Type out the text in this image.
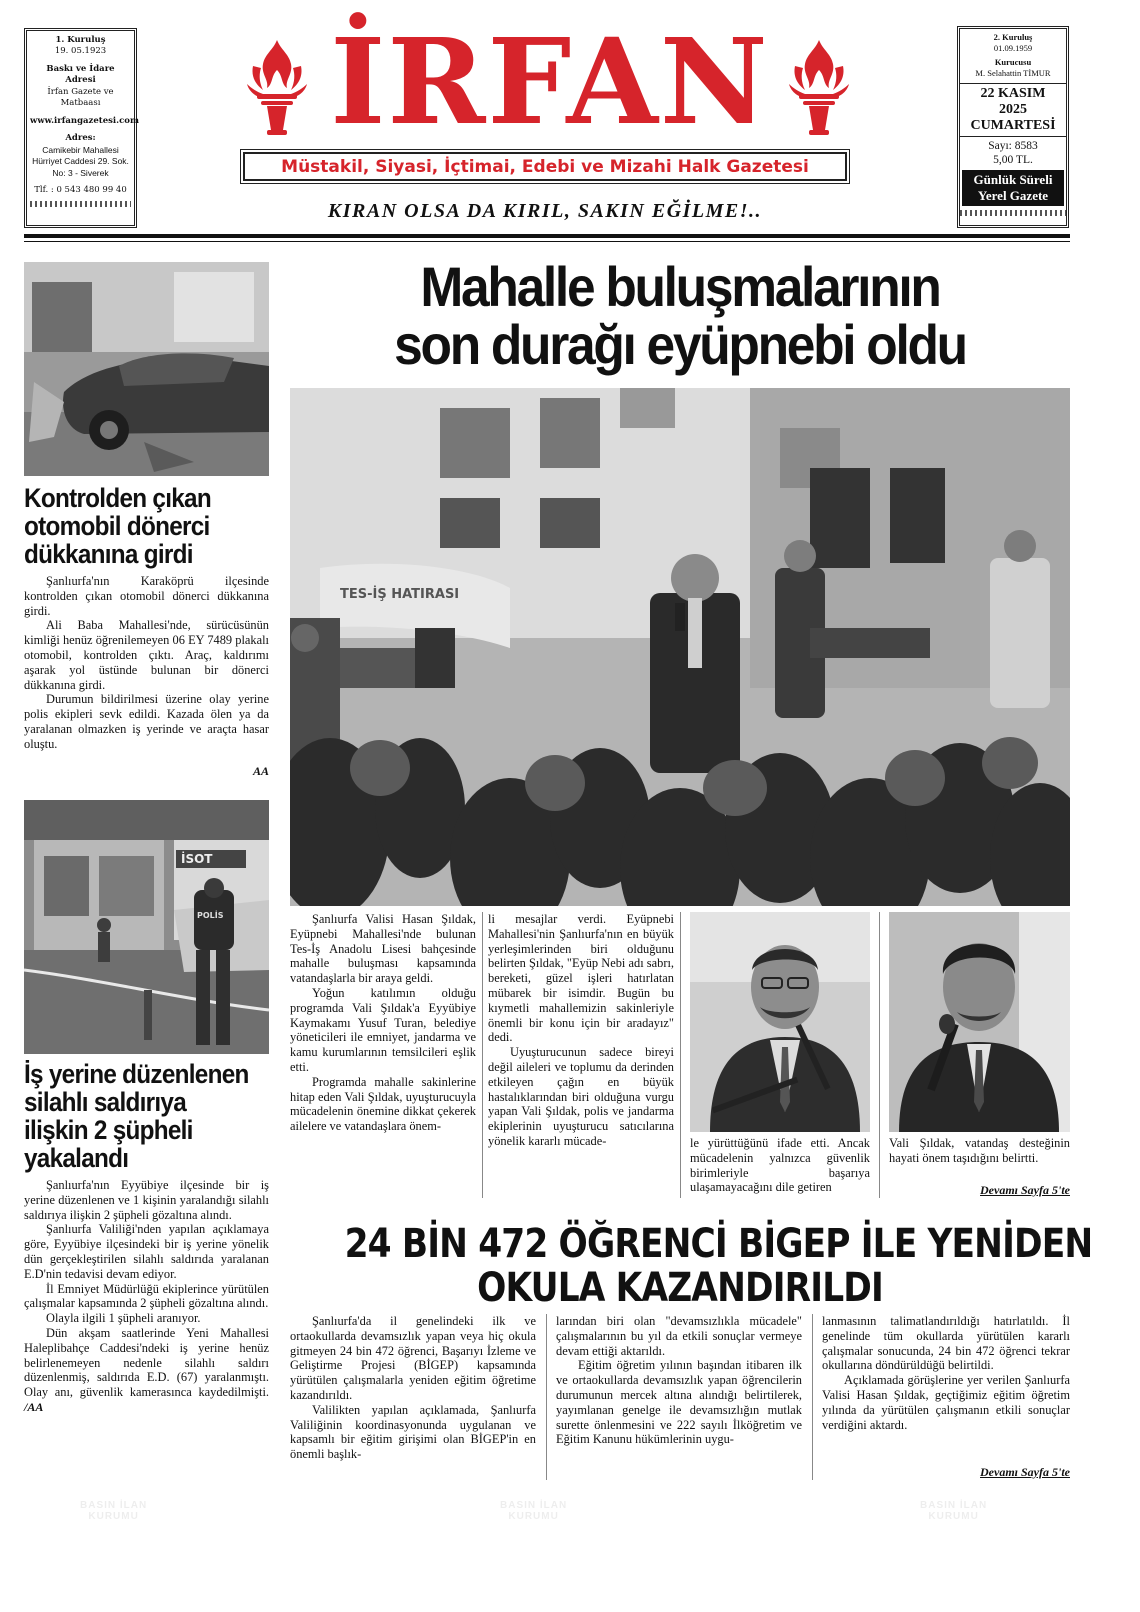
1. Kuruluş
19. 05.1923
Baskı ve İdare Adresi
İrfan Gazete ve Matbaası
www.irfangazetesi.com
Adres:
Camikebir Mahallesi
Hürriyet Caddesi 29. Sok.
No: 3 - Siverek
Tlf. : 0 543 480 99 40
İRFAN
Müstakil, Siyasi, İçtimai, Edebi ve Mizahi Halk Gazetesi
KIRAN OLSA DA KIRIL, SAKIN EĞİLME!..
2. Kuruluş
01.09.1959
Kurucusu
M. Selahattin TİMUR
22 KASIM
2025
CUMARTESİ
Sayı: 8583
5,00 TL.
Günlük Süreli
Yerel Gazete
Kontrolden çıkan
otomobil dönerci
dükkanına girdi

Şanlıurfa'nın Karaköprü ilçesinde kontrolden çıkan otomobil dönerci dükkanına girdi.

Ali Baba Mahallesi'nde, sürücüsünün kimliği henüz öğrenilemeyen 06 EY 7489 plakalı otomobil, kontrolden çıktı. Araç, kaldırımı aşarak yol üstünde bulunan bir dönerci dükkanına girdi.

Durumun bildirilmesi üzerine olay yerine polis ekipleri sevk edildi. Kazada ölen ya da yaralanan olmazken iş yerinde ve araçta hasar oluştu.

AA
İSOT
POLİS
İş yerine düzenlenen
silahlı saldırıya
ilişkin 2 şüpheli
yakalandı

Şanlıurfa'nın Eyyübiye ilçesinde bir iş yerine düzenlenen ve 1 kişinin yaralandığı silahlı saldırıya ilişkin 2 şüpheli gözaltına alındı.

Şanlıurfa Valiliği'nden yapılan açıklamaya göre, Eyyübiye ilçesindeki bir iş yerine yönelik dün gerçekleştirilen silahlı saldırıda yaralanan E.D'nin tedavisi devam ediyor.

İl Emniyet Müdürlüğü ekiplerince yürütülen çalışmalar kapsamında 2 şüpheli gözaltına alındı.

Olayla ilgili 1 şüpheli aranıyor.

Dün akşam saatlerinde Yeni Mahallesi Haleplibahçe Caddesi'ndeki iş yerine henüz belirlenemeyen nedenle silahlı saldırı düzenlenmiş, saldırıda E.D. (67) yaralanmıştı. Olay anı, güvenlik kamerasınca kaydedilmişti. /AA

Mahalle buluşmalarının
son durağı eyüpnebi oldu
TES-İŞ HATIRASI

Şanlıurfa Valisi Hasan Şıldak, Eyüpnebi Mahallesi'nde bulunan Tes-İş Anadolu Lisesi bahçesinde mahalle buluşması kapsamında vatandaşlarla bir araya geldi.

Yoğun katılımın olduğu programda Vali Şıldak'a Eyyübiye Kaymakamı Yusuf Turan, belediye yöneticileri ile emniyet, jandarma ve kamu kurumlarının temsilcileri eşlik etti.

Programda mahalle sakinlerine hitap eden Vali Şıldak, uyuşturucuyla mücadelenin önemine dikkat çekerek ailelere ve vatandaşlara önem-

li mesajlar verdi. Eyüpnebi Mahallesi'nin Şanlıurfa'nın en büyük yerleşimlerinden biri olduğunu belirten Şıldak, "Eyüp Nebi adı sabrı, bereketi, güzel işleri hatırlatan mübarek bir isimdir. Bugün bu kıymetli mahallemizin sakinleriyle önemli bir konu için bir aradayız" dedi.

Uyuşturucunun sadece bireyi değil aileleri ve toplumu da derinden etkileyen çağın en büyük hastalıklarından biri olduğuna vurgu yapan Vali Şıldak, polis ve jandarma ekiplerinin uyuşturucu satıcılarına yönelik kararlı mücade-	le yürüttüğünü ifade etti. Ancak mücadelenin yalnızca güvenlik birimleriyle başarıya ulaşamayacağını dile getiren

Vali Şıldak, vatandaş desteğinin hayati önem taşıdığını belirtti.

Devamı Sayfa 5'te
24 BİN 472 ÖĞRENCİ BİGEP İLE YENİDEN
OKULA KAZANDIRILDI

Şanlıurfa'da il genelindeki ilk ve ortaokullarda devamsızlık yapan veya hiç okula gitmeyen 24 bin 472 öğrenci, Başarıyı İzleme ve Geliştirme Projesi (BİGEP) kapsamında yürütülen çalışmalarla yeniden eğitim öğretime kazandırıldı.

Valilikten yapılan açıklamada, Şanlıurfa Valiliğinin koordinasyonunda uygulanan ve kapsamlı bir eğitim girişimi olan BİGEP'in en önemli başlık-

larından biri olan "devamsızlıkla mücadele" çalışmalarının bu yıl da etkili sonuçlar vermeye devam ettiği aktarıldı.

Eğitim öğretim yılının başından itibaren ilk ve ortaokullarda devamsızlık yapan öğrencilerin durumunun mercek altına alındığı belirtilerek, yayımlanan genelge ile devamsızlığın mutlak surette önlenmesini ve 222 sayılı İlköğretim ve Eğitim Kanunu hükümlerinin uygu-

lanmasının talimatlandırıldığı hatırlatıldı. İl genelinde tüm okullarda yürütülen kararlı çalışmalar sonucunda, 24 bin 472 öğrenci tekrar okullarına döndürüldüğü belirtildi.

Açıklamada görüşlerine yer verilen Şanlıurfa Valisi Hasan Şıldak, geçtiğimiz eğitim öğretim yılında da yürütülen çalışmanın etkili sonuçlar verdiğini aktardı.

Devamı Sayfa 5'te
BASIN İLAN
KURUMU
BASIN İLAN
KURUMU
BASIN İLAN
KURUMU
